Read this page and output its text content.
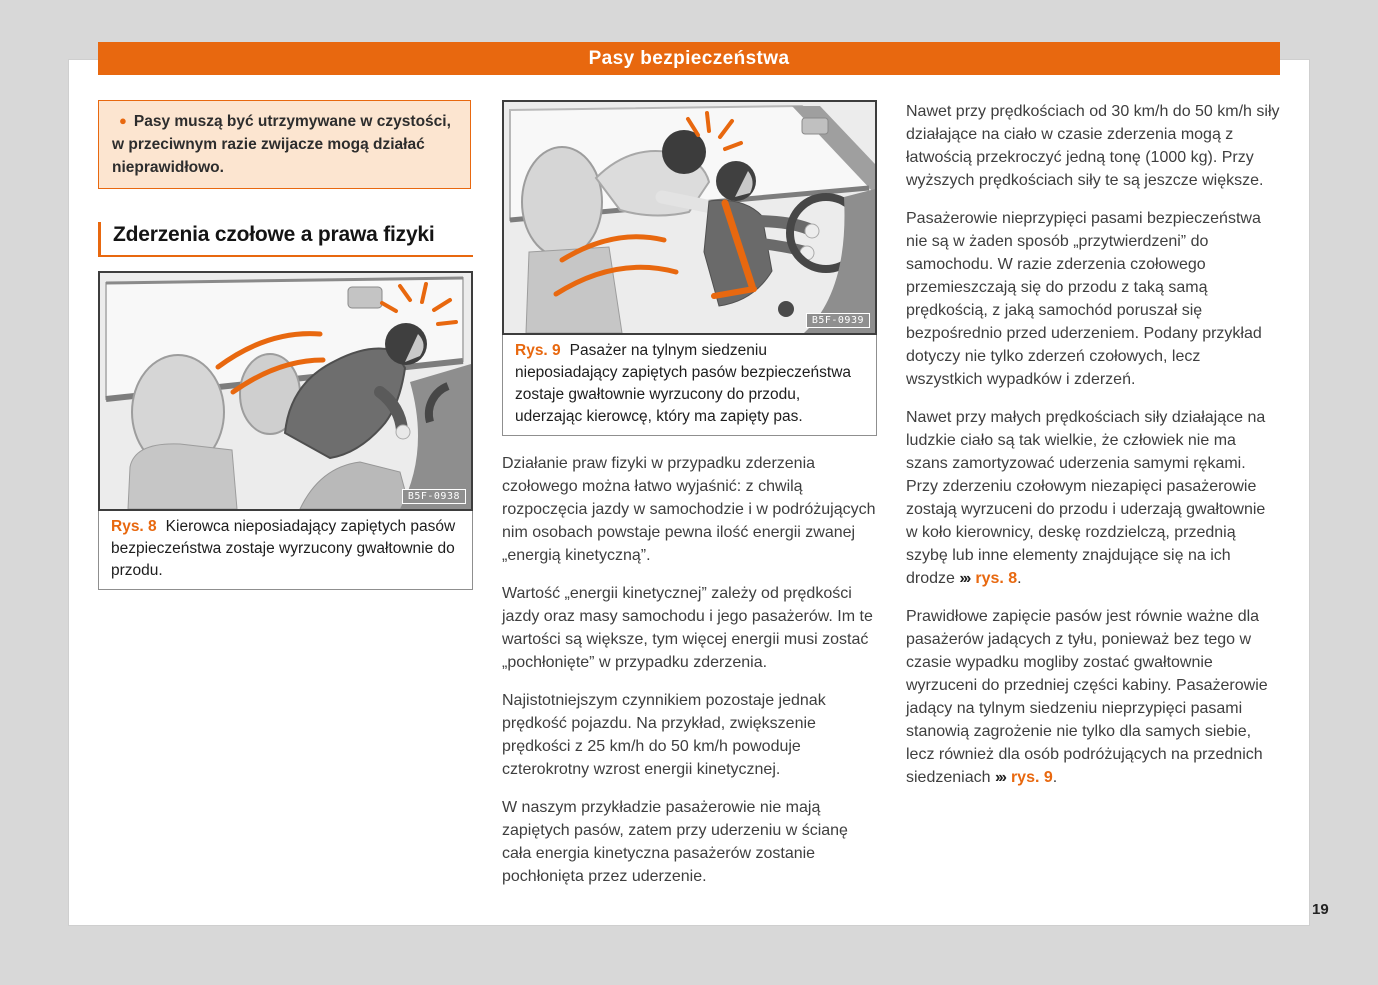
Pasy bezpieczeństwa
● Pasy muszą być utrzymywane w czystości, w przeciwnym razie zwijacze mogą działać nieprawidłowo.
Zderzenia czołowe a prawa fizyki
B5F-0938
Rys. 8 Kierowca nieposiadający zapiętych pasów bezpieczeństwa zostaje wyrzucony gwałtownie do przodu.
B5F-0939
Rys. 9 Pasażer na tylnym siedzeniu nieposiadający zapiętych pasów bezpieczeństwa zostaje gwałtownie wyrzucony do przodu, uderzając kierowcę, który ma zapięty pas.

Działanie praw fizyki w przypadku zderzenia czołowego można łatwo wyjaśnić: z chwilą rozpoczęcia jazdy w samochodzie i w podróżujących nim osobach powstaje pewna ilość energii zwanej „energią kinetyczną”.

Wartość „energii kinetycznej” zależy od prędkości jazdy oraz masy samochodu i jego pasażerów. Im te wartości są większe, tym więcej energii musi zostać „pochłonięte” w przypadku zderzenia.

Najistotniejszym czynnikiem pozostaje jednak prędkość pojazdu. Na przykład, zwiększenie prędkości z 25 km/h do 50 km/h powoduje czterokrotny wzrost energii kinetycznej.

W naszym przykładzie pasażerowie nie mają zapiętych pasów, zatem przy uderzeniu w ścianę cała energia kinetyczna pasażerów zostanie pochłonięta przez uderzenie.

Nawet przy prędkościach od 30 km/h do 50 km/h siły działające na ciało w czasie zderzenia mogą z łatwością przekroczyć jedną tonę (1000 kg). Przy wyższych prędkościach siły te są jeszcze większe.

Pasażerowie nieprzypięci pasami bezpieczeństwa nie są w żaden sposób „przytwierdzeni” do samochodu. W razie zderzenia czołowego przemieszczają się do przodu z taką samą prędkością, z jaką samochód poruszał się bezpośrednio przed uderzeniem. Podany przykład dotyczy nie tylko zderzeń czołowych, lecz wszystkich wypadków i zderzeń.

Nawet przy małych prędkościach siły działające na ludzkie ciało są tak wielkie, że człowiek nie ma szans zamortyzować uderzenia samymi rękami. Przy zderzeniu czołowym niezapięci pasażerowie zostają wyrzuceni do przodu i uderzają gwałtownie w koło kierownicy, deskę rozdzielczą, przednią szybę lub inne elementy znajdujące się na ich drodze ››› rys. 8.

Prawidłowe zapięcie pasów jest równie ważne dla pasażerów jadących z tyłu, ponieważ bez tego w czasie wypadku mogliby zostać gwałtownie wyrzuceni do przedniej części kabiny. Pasażerowie jadący na tylnym siedzeniu nieprzypięci pasami stanowią zagrożenie nie tylko dla samych siebie, lecz również dla osób podróżujących na przednich siedzeniach ››› rys. 9.

19
